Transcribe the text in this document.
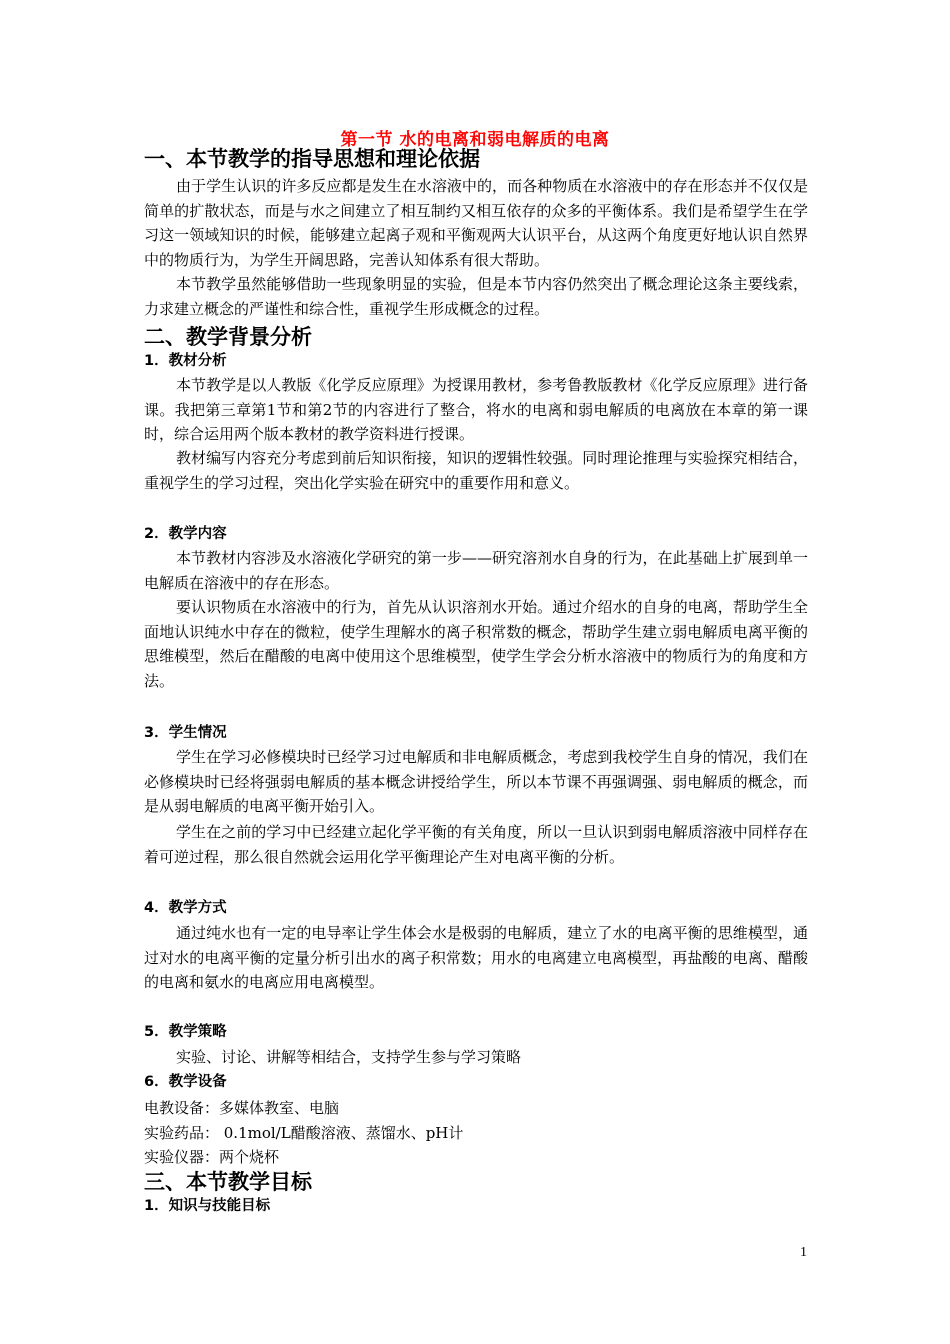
第一节 水的电离和弱电解质的电离
一、本节教学的指导思想和理论依据

由于学生认识的许多反应都是发生在水溶液中的，而各种物质在水溶液中的存在形态并不仅仅是简单的扩散状态，而是与水之间建立了相互制约又相互依存的众多的平衡体系。我们是希望学生在学习这一领域知识的时候，能够建立起离子观和平衡观两大认识平台，从这两个角度更好地认识自然界中的物质行为，为学生开阔思路，完善认知体系有很大帮助。

本节教学虽然能够借助一些现象明显的实验，但是本节内容仍然突出了概念理论这条主要线索，力求建立概念的严谨性和综合性，重视学生形成概念的过程。

二、教学背景分析
1．教材分析

本节教学是以人教版《化学反应原理》为授课用教材，参考鲁教版教材《化学反应原理》进行备课。我把第三章第1节和第2节的内容进行了整合，将水的电离和弱电解质的电离放在本章的第一课时，综合运用两个版本教材的教学资料进行授课。

教材编写内容充分考虑到前后知识衔接，知识的逻辑性较强。同时理论推理与实验探究相结合，重视学生的学习过程，突出化学实验在研究中的重要作用和意义。

2．教学内容

本节教材内容涉及水溶液化学研究的第一步——研究溶剂水自身的行为，在此基础上扩展到单一电解质在溶液中的存在形态。

要认识物质在水溶液中的行为，首先从认识溶剂水开始。通过介绍水的自身的电离，帮助学生全面地认识纯水中存在的微粒，使学生理解水的离子积常数的概念，帮助学生建立弱电解质电离平衡的思维模型，然后在醋酸的电离中使用这个思维模型，使学生学会分析水溶液中的物质行为的角度和方法。

3．学生情况

学生在学习必修模块时已经学习过电解质和非电解质概念，考虑到我校学生自身的情况，我们在必修模块时已经将强弱电解质的基本概念讲授给学生，所以本节课不再强调强、弱电解质的概念，而是从弱电解质的电离平衡开始引入。

学生在之前的学习中已经建立起化学平衡的有关角度，所以一旦认识到弱电解质溶液中同样存在着可逆过程，那么很自然就会运用化学平衡理论产生对电离平衡的分析。

4．教学方式

通过纯水也有一定的电导率让学生体会水是极弱的电解质，建立了水的电离平衡的思维模型，通过对水的电离平衡的定量分析引出水的离子积常数；用水的电离建立电离模型，再盐酸的电离、醋酸的电离和氨水的电离应用电离模型。

5．教学策略

实验、讨论、讲解等相结合，支持学生参与学习策略

6．教学设备

电教设备：多媒体教室、电脑

实验药品： 0.1mol/L醋酸溶液、蒸馏水、pH计

实验仪器：两个烧杯

三、本节教学目标
1．知识与技能目标
1
